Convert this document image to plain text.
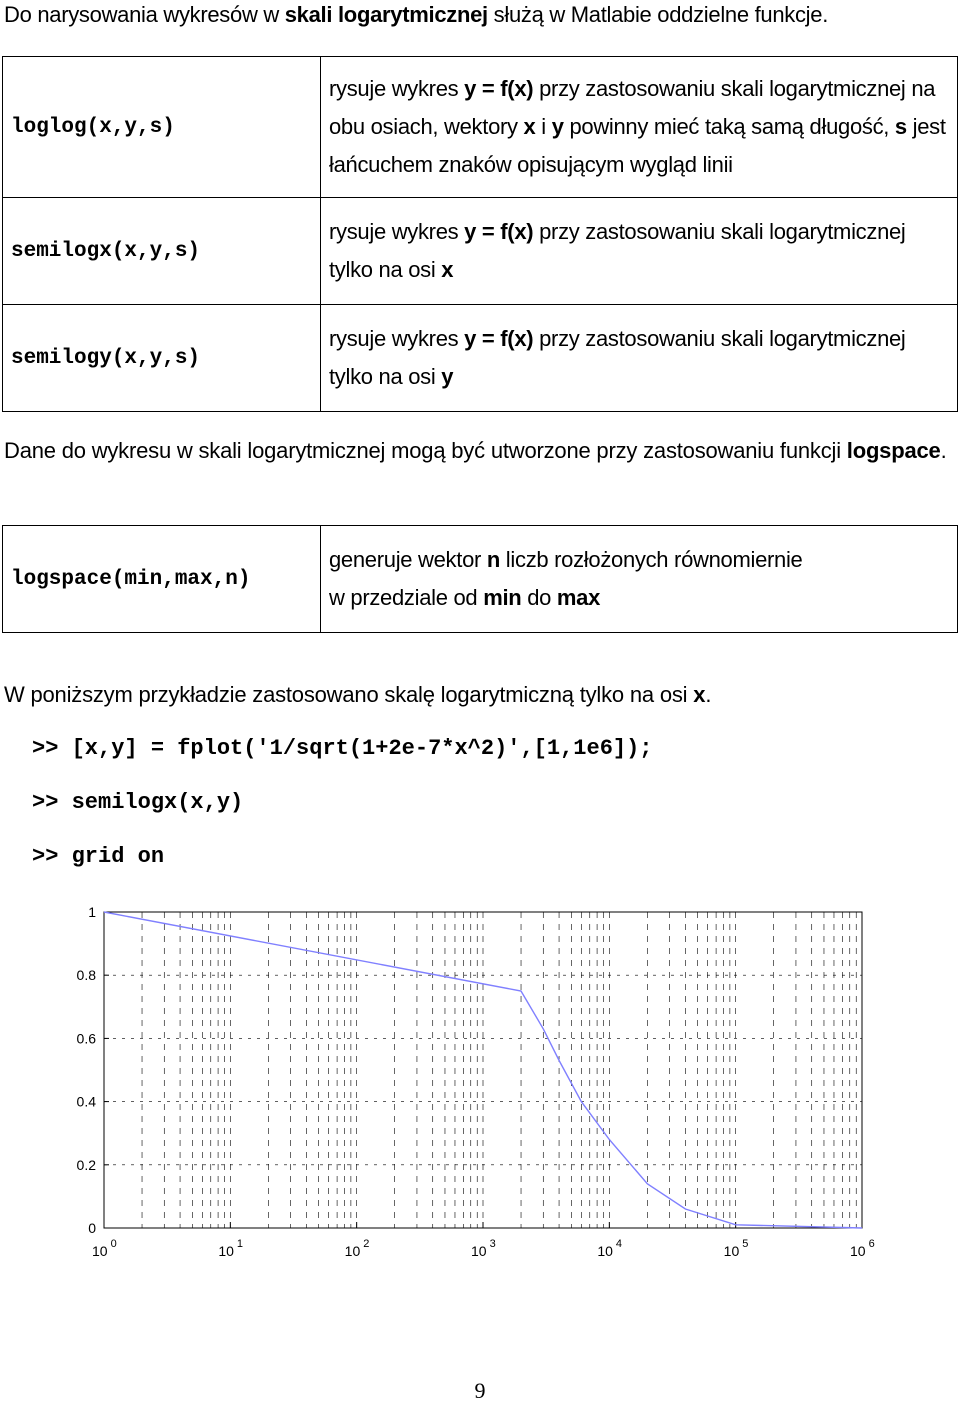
Do narysowania wykresów w skali logarytmicznej służą w Matlabie oddzielne funkcje.
loglog(x,y,s)	rysuje wykres y = f(x) przy zastosowaniu skali logarytmicznej na obu osiach, wektory x i y powinny mieć taką samą długość, s jest łańcuchem znaków opisującym wygląd linii
semilogx(x,y,s)	rysuje wykres y = f(x) przy zastosowaniu skali logarytmicznej tylko na osi x
semilogy(x,y,s)	rysuje wykres y = f(x) przy zastosowaniu skali logarytmicznej tylko na osi y
Dane do wykresu w skali logarytmicznej mogą być utworzone przy zastosowaniu funkcji logspace.
logspace(min,max,n)	generuje wektor n liczb rozłożonych równomiernie
w przedziale od min do max
W poniższym przykładzie zastosowano skalę logarytmiczną tylko na osi x.
>> [x,y] = fplot('1/sqrt(1+2e-7*x^2)',[1,1e6]);
>> semilogx(x,y)
>> grid on
0
0.2
0.4
0.6
0.8
1
10 $^0$	10 $^1$	10 $^2$	10 $^3$	10 $^4$	10 $^5$	10 $^6$
9
